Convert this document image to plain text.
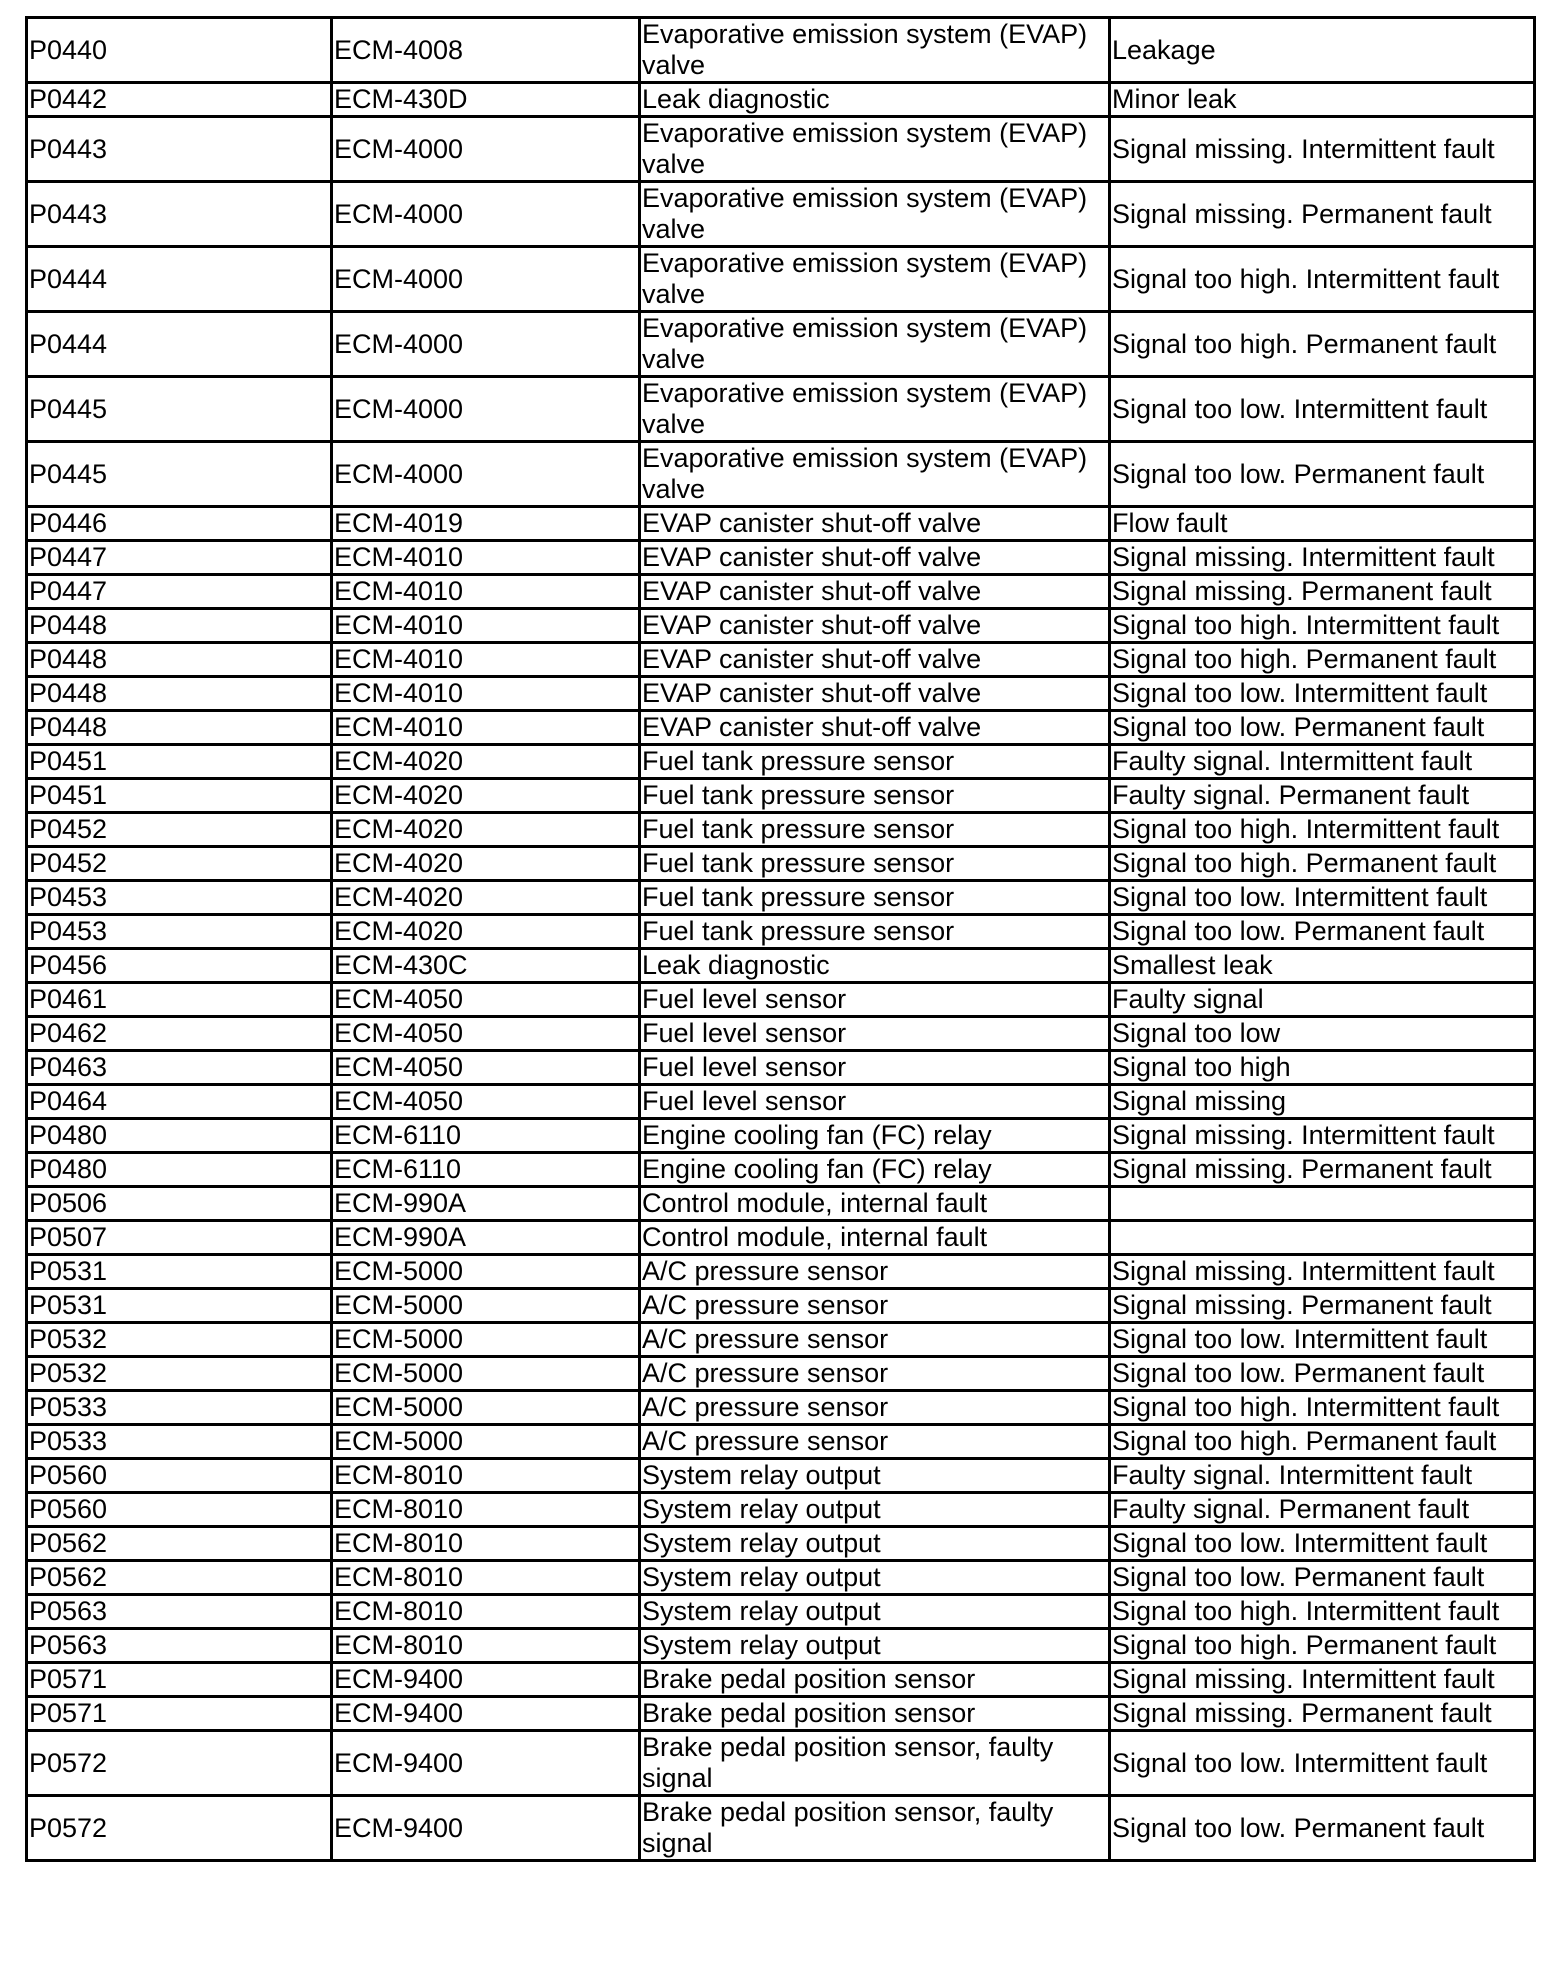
P0440	ECM-4008	Evaporative emission system (EVAP) valve	Leakage
P0442	ECM-430D	Leak diagnostic	Minor leak
P0443	ECM-4000	Evaporative emission system (EVAP) valve	Signal missing. Intermittent fault
P0443	ECM-4000	Evaporative emission system (EVAP) valve	Signal missing. Permanent fault
P0444	ECM-4000	Evaporative emission system (EVAP) valve	Signal too high. Intermittent fault
P0444	ECM-4000	Evaporative emission system (EVAP) valve	Signal too high. Permanent fault
P0445	ECM-4000	Evaporative emission system (EVAP) valve	Signal too low. Intermittent fault
P0445	ECM-4000	Evaporative emission system (EVAP) valve	Signal too low. Permanent fault
P0446	ECM-4019	EVAP canister shut-off valve	Flow fault
P0447	ECM-4010	EVAP canister shut-off valve	Signal missing. Intermittent fault
P0447	ECM-4010	EVAP canister shut-off valve	Signal missing. Permanent fault
P0448	ECM-4010	EVAP canister shut-off valve	Signal too high. Intermittent fault
P0448	ECM-4010	EVAP canister shut-off valve	Signal too high. Permanent fault
P0448	ECM-4010	EVAP canister shut-off valve	Signal too low. Intermittent fault
P0448	ECM-4010	EVAP canister shut-off valve	Signal too low. Permanent fault
P0451	ECM-4020	Fuel tank pressure sensor	Faulty signal. Intermittent fault
P0451	ECM-4020	Fuel tank pressure sensor	Faulty signal. Permanent fault
P0452	ECM-4020	Fuel tank pressure sensor	Signal too high. Intermittent fault
P0452	ECM-4020	Fuel tank pressure sensor	Signal too high. Permanent fault
P0453	ECM-4020	Fuel tank pressure sensor	Signal too low. Intermittent fault
P0453	ECM-4020	Fuel tank pressure sensor	Signal too low. Permanent fault
P0456	ECM-430C	Leak diagnostic	Smallest leak
P0461	ECM-4050	Fuel level sensor	Faulty signal
P0462	ECM-4050	Fuel level sensor	Signal too low
P0463	ECM-4050	Fuel level sensor	Signal too high
P0464	ECM-4050	Fuel level sensor	Signal missing
P0480	ECM-6110	Engine cooling fan (FC) relay	Signal missing. Intermittent fault
P0480	ECM-6110	Engine cooling fan (FC) relay	Signal missing. Permanent fault
P0506	ECM-990A	Control module, internal fault	
P0507	ECM-990A	Control module, internal fault	
P0531	ECM-5000	A/C pressure sensor	Signal missing. Intermittent fault
P0531	ECM-5000	A/C pressure sensor	Signal missing. Permanent fault
P0532	ECM-5000	A/C pressure sensor	Signal too low. Intermittent fault
P0532	ECM-5000	A/C pressure sensor	Signal too low. Permanent fault
P0533	ECM-5000	A/C pressure sensor	Signal too high. Intermittent fault
P0533	ECM-5000	A/C pressure sensor	Signal too high. Permanent fault
P0560	ECM-8010	System relay output	Faulty signal. Intermittent fault
P0560	ECM-8010	System relay output	Faulty signal. Permanent fault
P0562	ECM-8010	System relay output	Signal too low. Intermittent fault
P0562	ECM-8010	System relay output	Signal too low. Permanent fault
P0563	ECM-8010	System relay output	Signal too high. Intermittent fault
P0563	ECM-8010	System relay output	Signal too high. Permanent fault
P0571	ECM-9400	Brake pedal position sensor	Signal missing. Intermittent fault
P0571	ECM-9400	Brake pedal position sensor	Signal missing. Permanent fault
P0572	ECM-9400	Brake pedal position sensor, faulty signal	Signal too low. Intermittent fault
P0572	ECM-9400	Brake pedal position sensor, faulty signal	Signal too low. Permanent fault
